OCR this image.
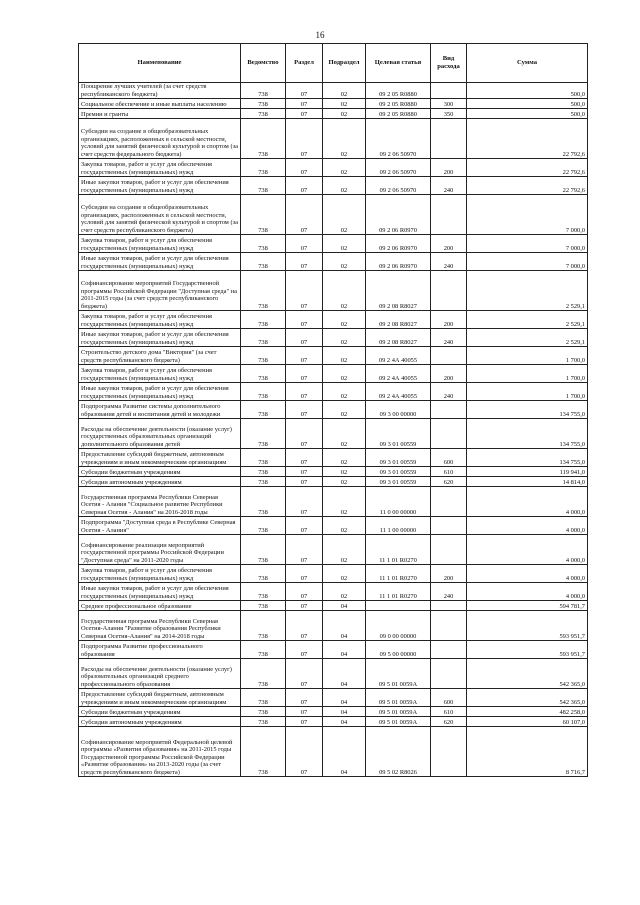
16
Наименование	Ведомство	Раздел	Подраздел	Целевая статья	Вид расхода	Сумма
Поощрение лучших учителей (за счет средств республиканского бюджета)	738	07	02	09 2 05 R0880		500,0
Социальное обеспечение и иные выплаты населению	738	07	02	09 2 05 R0880	300	500,0
Премии и гранты	738	07	02	09 2 05 R0880	350	500,0
Субсидии на создание в общеобразовательных организациях, расположенных в сельской местности, условий для занятий физической культурой и спортом (за счет средств федерального бюджета)	738	07	02	09 2 06 50970		22 792,6
Закупка товаров, работ и услуг для обеспечения государственных (муниципальных) нужд	738	07	02	09 2 06 50970	200	22 792,6
Иные закупки товаров, работ и услуг для обеспечения государственных (муниципальных) нужд	738	07	02	09 2 06 50970	240	22 792,6
Субсидии на создание в общеобразовательных организациях, расположенных в сельской местности, условий для занятий физической культурой и спортом (за счет средств республиканского бюджета)	738	07	02	09 2 06 R0970		7 000,0
Закупка товаров, работ и услуг для обеспечения государственных (муниципальных) нужд	738	07	02	09 2 06 R0970	200	7 000,0
Иные закупки товаров, работ и услуг для обеспечения государственных (муниципальных) нужд	738	07	02	09 2 06 R0970	240	7 000,0
Софинансирование мероприятий Государственной программы Российской Федерации "Доступная среда" на 2011-2015 годы (за счет средств республиканского бюджета)	738	07	02	09 2 08 R8027		2 529,1
Закупка товаров, работ и услуг для обеспечения государственных (муниципальных) нужд	738	07	02	09 2 08 R8027	200	2 529,1
Иные закупки товаров, работ и услуг для обеспечения государственных (муниципальных) нужд	738	07	02	09 2 08 R8027	240	2 529,1
Строительство детского дома "Виктория" (за счет средств республиканского бюджета)	738	07	02	09 2 4А 40055		1 700,0
Закупка товаров, работ и услуг для обеспечения государственных (муниципальных) нужд	738	07	02	09 2 4А 40055	200	1 700,0
Иные закупки товаров, работ и услуг для обеспечения государственных (муниципальных) нужд	738	07	02	09 2 4А 40055	240	1 700,0
Подпрограмма Развитие системы дополнительного образования детей и воспитания детей и молодежи	738	07	02	09 3 00 00000		134 755,0
Расходы на обеспечение деятельности (оказание услуг) государственных образовательных организаций дополнительного образования детей	738	07	02	09 3 01 00559		134 755,0
Предоставление субсидий бюджетным, автономным учреждениям и иным некоммерческим организациям	738	07	02	09 3 01 00559	600	134 755,0
Субсидии бюджетным учреждениям	738	07	02	09 3 01 00559	610	119 941,0
Субсидии автономным учреждениям	738	07	02	09 3 01 00559	620	14 814,0
Государственная программа Республики Северная Осетия - Алания "Социальное развитие Республики Северная Осетия - Алания" на 2016-2018 годы	738	07	02	11 0 00 00000		4 000,0
Подпрограмма "Доступная среда в Республике Северная Осетия - Алания"	738	07	02	11 1 00 00000		4 000,0
Софинансирование реализации мероприятий государственной программы Российской Федерации "Доступная среда" на 2011-2020 годы	738	07	02	11 1 01 R0270		4 000,0
Закупка товаров, работ и услуг для обеспечения государственных (муниципальных) нужд	738	07	02	11 1 01 R0270	200	4 000,0
Иные закупки товаров, работ и услуг для обеспечения государственных (муниципальных) нужд	738	07	02	11 1 01 R0270	240	4 000,0
Среднее профессиональное образование	738	07	04			594 781,7
Государственная программа Республики Северная Осетия-Алания "Развитие образования Республики Северная Осетия-Алания" на 2014-2018 годы	738	07	04	09 0 00 00000		593 951,7
Подпрограмма Развитие профессионального образования	738	07	04	09 5 00 00000		593 951,7
Расходы на обеспечение деятельности (оказание услуг) образовательных организаций среднего профессионального образования	738	07	04	09 5 01 0059А		542 365,0
Предоставление субсидий бюджетным, автономным учреждениям и иным некоммерческим организациям	738	07	04	09 5 01 0059А	600	542 365,0
Субсидии бюджетным учреждениям	738	07	04	09 5 01 0059А	610	482 258,0
Субсидии автономным учреждениям	738	07	04	09 5 01 0059А	620	60 107,0
Софинансирование мероприятий Федеральной целевой программы «Развития образования» на 2011-2015 годы Государственной программы Российской Федерации «Развитие образования» на 2013-2020 годы (за счет средств республиканского бюджета)	738	07	04	09 5 02 R8026		8 716,7
